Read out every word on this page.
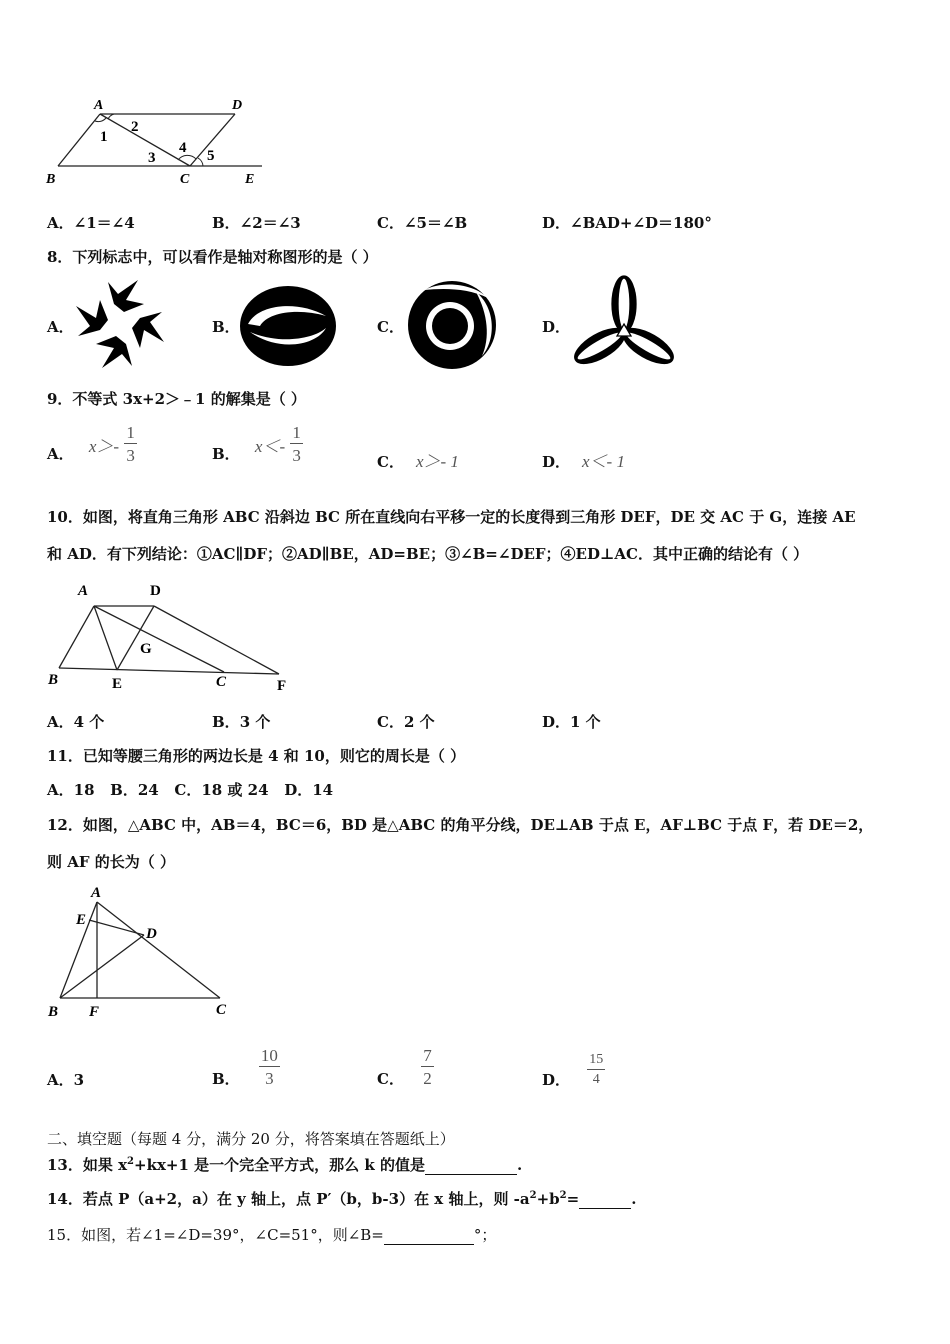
A	D
B	C	E
1
2
3
4 5
A．∠1＝∠4	B．∠2＝∠3	C．∠5＝∠B	D．∠BAD+∠D＝180°
8．下列标志中，可以看作是轴对称图形的是（ ）
A．	B．	C．	D．
9．不等式 3x+2＞﹣1 的解集是（ ）
A． $x>- \frac{1}{3}$	B． $x<- \frac{1}{3}$	C． x＞- 1	D． x＜- 1
10．如图，将直角三角形 ABC 沿斜边 BC 所在直线向右平移一定的长度得到三角形 DEF，DE 交 AC 于 G，连接 AE
和 AD．有下列结论：①AC∥DF；②AD∥BE，AD=BE；③∠B=∠DEF；④ED⊥AC．其中正确的结论有（ ）
A	D
G
B	E	C	F
A．4 个	B．3 个	C．2 个	D．1 个
11．已知等腰三角形的两边长是 4 和 10，则它的周长是（ ）
A．18   B．24   C．18 或 24   D．14
12．如图，△ABC 中，AB＝4，BC＝6，BD 是△ABC 的角平分线，DE⊥AB 于点 E，AF⊥BC 于点 F，若 DE＝2，
则 AF 的长为（ ）
A
E
D
B F	C
A．3	B． $\frac{10}{3}$	C． $\frac{7}{2}$	D． $\frac{15}{4}$
二、填空题（每题 4 分，满分 20 分，将答案填在答题纸上）
13．如果 $x^2+kx+1$ 是一个完全平方式，那么 k 的值是	.
14．若点 P（a+2，a）在 y 轴上，点 P′（b，b-3）在 x 轴上，则 $-a^2+b^2=$	.
15．如图，若∠1=∠D=39°，∠C=51°，则∠B=	°；
